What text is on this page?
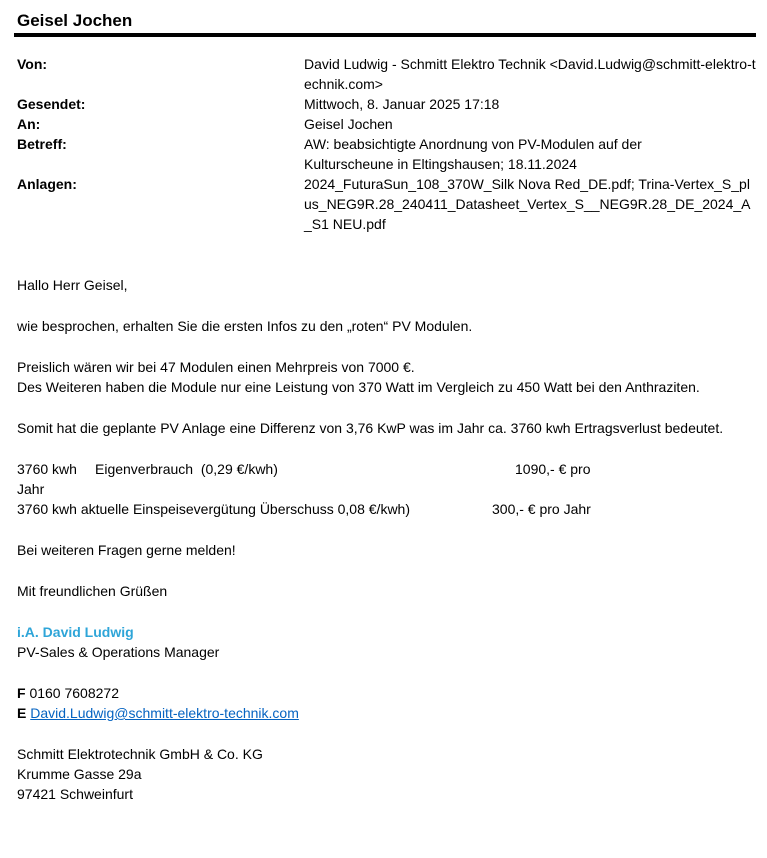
Geisel Jochen
Von:	David Ludwig - Schmitt Elektro Technik <David.Ludwig@schmitt-elektro-technik.com>
Gesendet:	Mittwoch, 8. Januar 2025 17:18
An:	Geisel Jochen
Betreff:	AW: beabsichtigte Anordnung von PV-Modulen auf der Kulturscheune in Eltingshausen; 18.11.2024
Anlagen:	2024_FuturaSun_108_370W_Silk Nova Red_DE.pdf; Trina-Vertex_S_plus_NEG9R.28_240411_Datasheet_Vertex_S__NEG9R.28_DE_2024_A_S1 NEU.pdf

Hallo Herr Geisel,

wie besprochen, erhalten Sie die ersten Infos zu den „roten“ PV Modulen.

Preislich wären wir bei 47 Modulen einen Mehrpreis von 7000 €.

Des Weiteren haben die Module nur eine Leistung von 370 Watt im Vergleich zu 450 Watt bei den Anthraziten.

Somit hat die geplante PV Anlage eine Differenz von 3,76 KwP was im Jahr ca. 3760 kwh Ertragsverlust bedeutet.

3760 kwh Eigenverbrauch  (0,29 €/kwh)	1090,- € pro

Jahr

3760 kwh aktuelle Einspeisevergütung Überschuss 0,08 €/kwh)	300,- € pro Jahr

Bei weiteren Fragen gerne melden!

Mit freundlichen Grüßen

i.A. David Ludwig

PV-Sales & Operations Manager

F 0160 7608272

E David.Ludwig@schmitt-elektro-technik.com

Schmitt Elektrotechnik GmbH & Co. KG

Krumme Gasse 29a

97421 Schweinfurt
